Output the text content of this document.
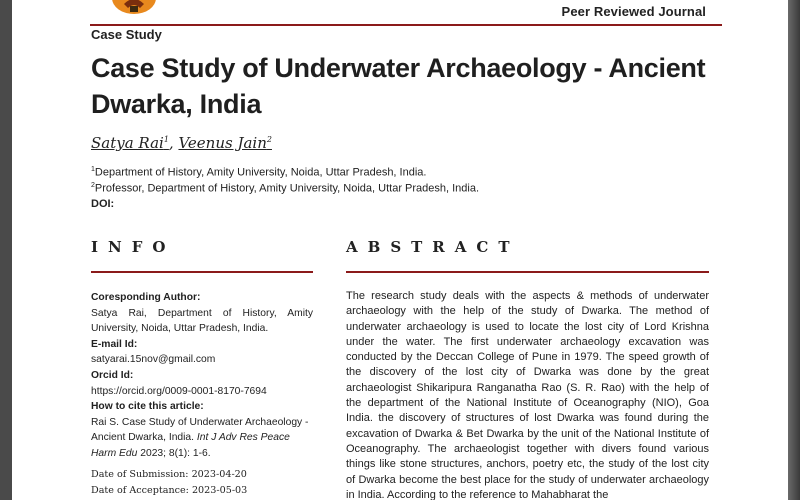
Peer Reviewed Journal
Case Study
Case Study of Underwater Archaeology - Ancient Dwarka, India
Satya Rai$^1$, Veenus Jain$^2$
$^1$Department of History, Amity University, Noida, Uttar Pradesh, India.
$^2$Professor, Department of History, Amity University, Noida, Uttar Pradesh, India.
DOI:
INFO	ABSTRACT
Coresponding Author:
Satya Rai, Department of History, Amity University, Noida, Uttar Pradesh, India.
E-mail Id:
satyarai.15nov@gmail.com
Orcid Id:
https://orcid.org/0009-0001-8170-7694
How to cite this article:
Rai S. Case Study of Underwater Archaeology - Ancient Dwarka, India. Int J Adv Res Peace Harm Edu 2023; 8(1): 1-6.
Date of Submission: 2023-04-20
Date of Acceptance: 2023-05-03
The research study deals with the aspects & methods of underwater archaeology with the help of the study of Dwarka. The method of underwater archaeology is used to locate the lost city of Lord Krishna under the water. The first underwater archaeology excavation was conducted by the Deccan College of Pune in 1979. The speed growth of the discovery of the lost city of Dwarka was done by the great archaeologist Shikaripura Ranganatha Rao (S. R. Rao) with the help of the department of the National Institute of Oceanography (NIO), Goa India. the discovery of structures of lost Dwarka was found during the excavation of Dwarka & Bet Dwarka by the unit of the National Institute of Oceanography. The archaeologist together with divers found various things like stone structures, anchors, poetry etc, the study of the lost city of Dwarka become the best place for the study of underwater archaeology in India. According to the reference to Mahabharat the
